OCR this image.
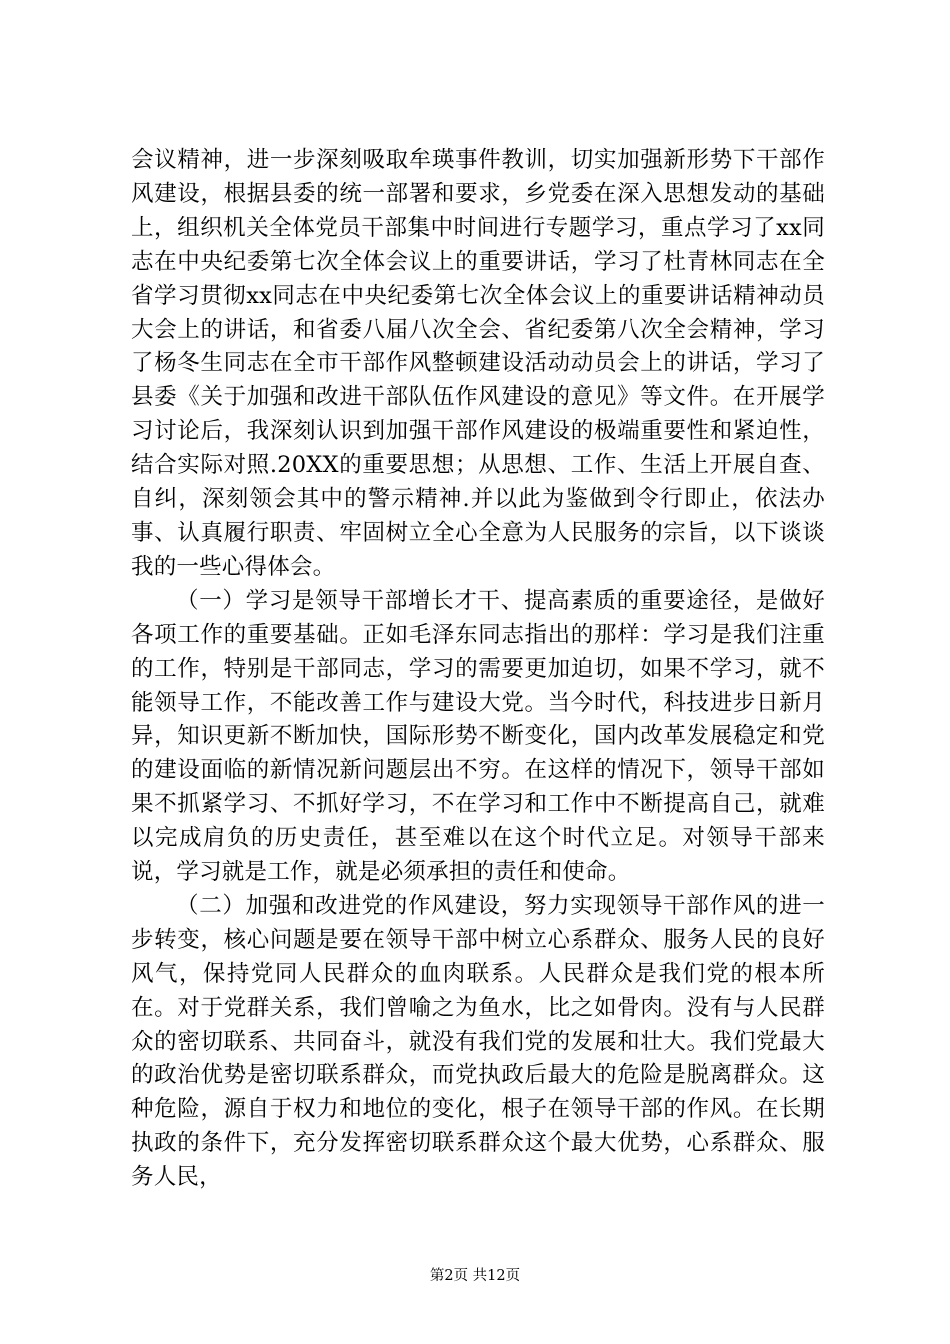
会议精神，进一步深刻吸取牟瑛事件教训，切实加强新形势下干部作风建设，根据县委的统一部署和要求，乡党委在深入思想发动的基础上，组织机关全体党员干部集中时间进行专题学习，重点学习了xx同志在中央纪委第七次全体会议上的重要讲话，学习了杜青林同志在全省学习贯彻xx同志在中央纪委第七次全体会议上的重要讲话精神动员大会上的讲话，和省委八届八次全会、省纪委第八次全会精神，学习了杨冬生同志在全市干部作风整顿建设活动动员会上的讲话，学习了县委《关于加强和改进干部队伍作风建设的意见》等文件。在开展学习讨论后，我深刻认识到加强干部作风建设的极端重要性和紧迫性，结合实际对照.20XX的重要思想；从思想、工作、生活上开展自查、自纠，深刻领会其中的警示精神.并以此为鉴做到令行即止，依法办事、认真履行职责、牢固树立全心全意为人民服务的宗旨，以下谈谈我的一些心得体会。

（一）学习是领导干部增长才干、提高素质的重要途径，是做好各项工作的重要基础。正如毛泽东同志指出的那样：学习是我们注重的工作，特别是干部同志，学习的需要更加迫切，如果不学习，就不能领导工作，不能改善工作与建设大党。当今时代，科技进步日新月异，知识更新不断加快，国际形势不断变化，国内改革发展稳定和党的建设面临的新情况新问题层出不穷。在这样的情况下，领导干部如果不抓紧学习、不抓好学习，不在学习和工作中不断提高自己，就难以完成肩负的历史责任，甚至难以在这个时代立足。对领导干部来说，学习就是工作，就是必须承担的责任和使命。

（二）加强和改进党的作风建设，努力实现领导干部作风的进一步转变，核心问题是要在领导干部中树立心系群众、服务人民的良好风气，保持党同人民群众的血肉联系。人民群众是我们党的根本所在。对于党群关系，我们曾喻之为鱼水，比之如骨肉。没有与人民群众的密切联系、共同奋斗，就没有我们党的发展和壮大。我们党最大的政治优势是密切联系群众，而党执政后最大的危险是脱离群众。这种危险，源自于权力和地位的变化，根子在领导干部的作风。在长期执政的条件下，充分发挥密切联系群众这个最大优势，心系群众、服务人民，

第2页 共12页
